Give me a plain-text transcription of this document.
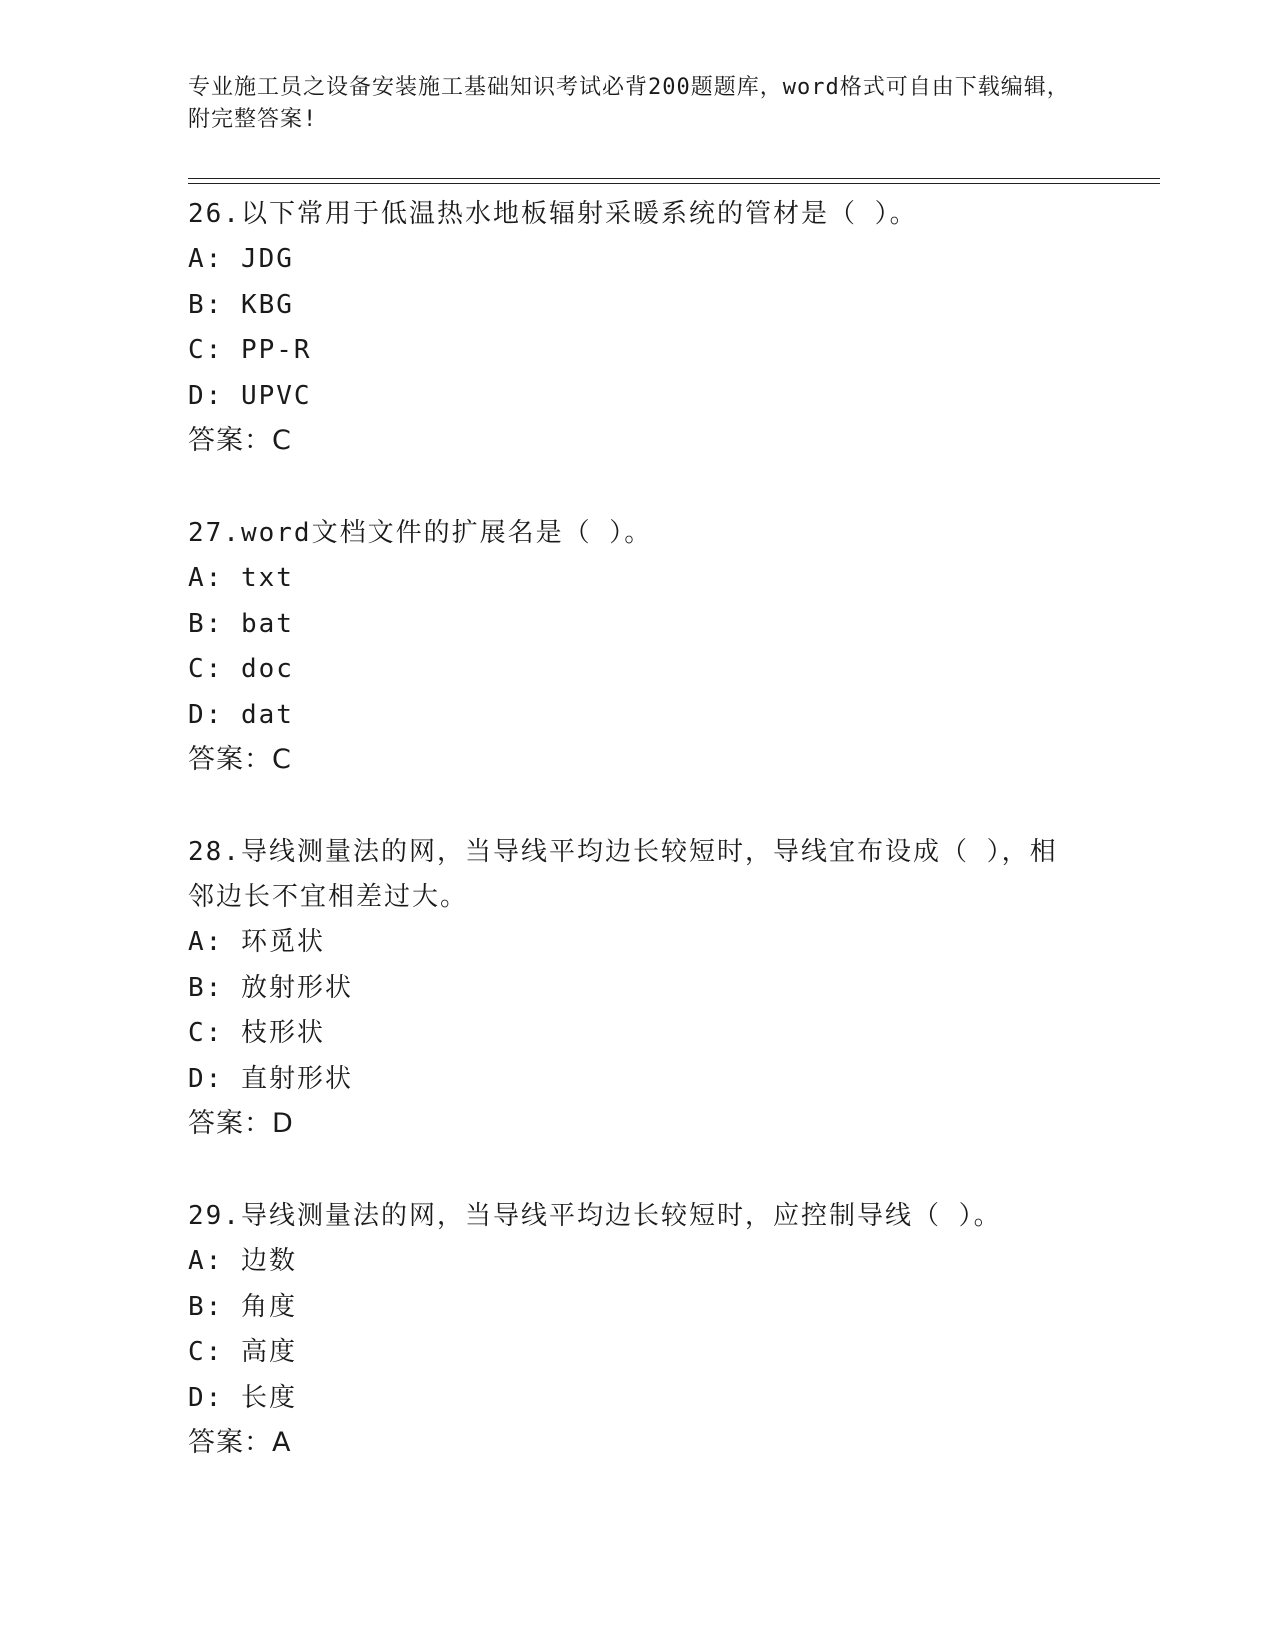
专业施工员之设备安装施工基础知识考试必背200题题库，word格式可自由下载编辑，附完整答案!

26.以下常用于低温热水地板辐射采暖系统的管材是（ ）。

A: JDG

B: KBG

C: PP-R

D: UPVC

答案：C

27.word文档文件的扩展名是（ ）。

A: txt

B: bat

C: doc

D: dat

答案：C

28.导线测量法的网，当导线平均边长较短时，导线宜布设成（ ），相邻边长不宜相差过大。

A: 环觅状

B: 放射形状

C: 枝形状

D: 直射形状

答案：D

29.导线测量法的网，当导线平均边长较短时，应控制导线（ ）。

A: 边数

B: 角度

C: 高度

D: 长度

答案：A
